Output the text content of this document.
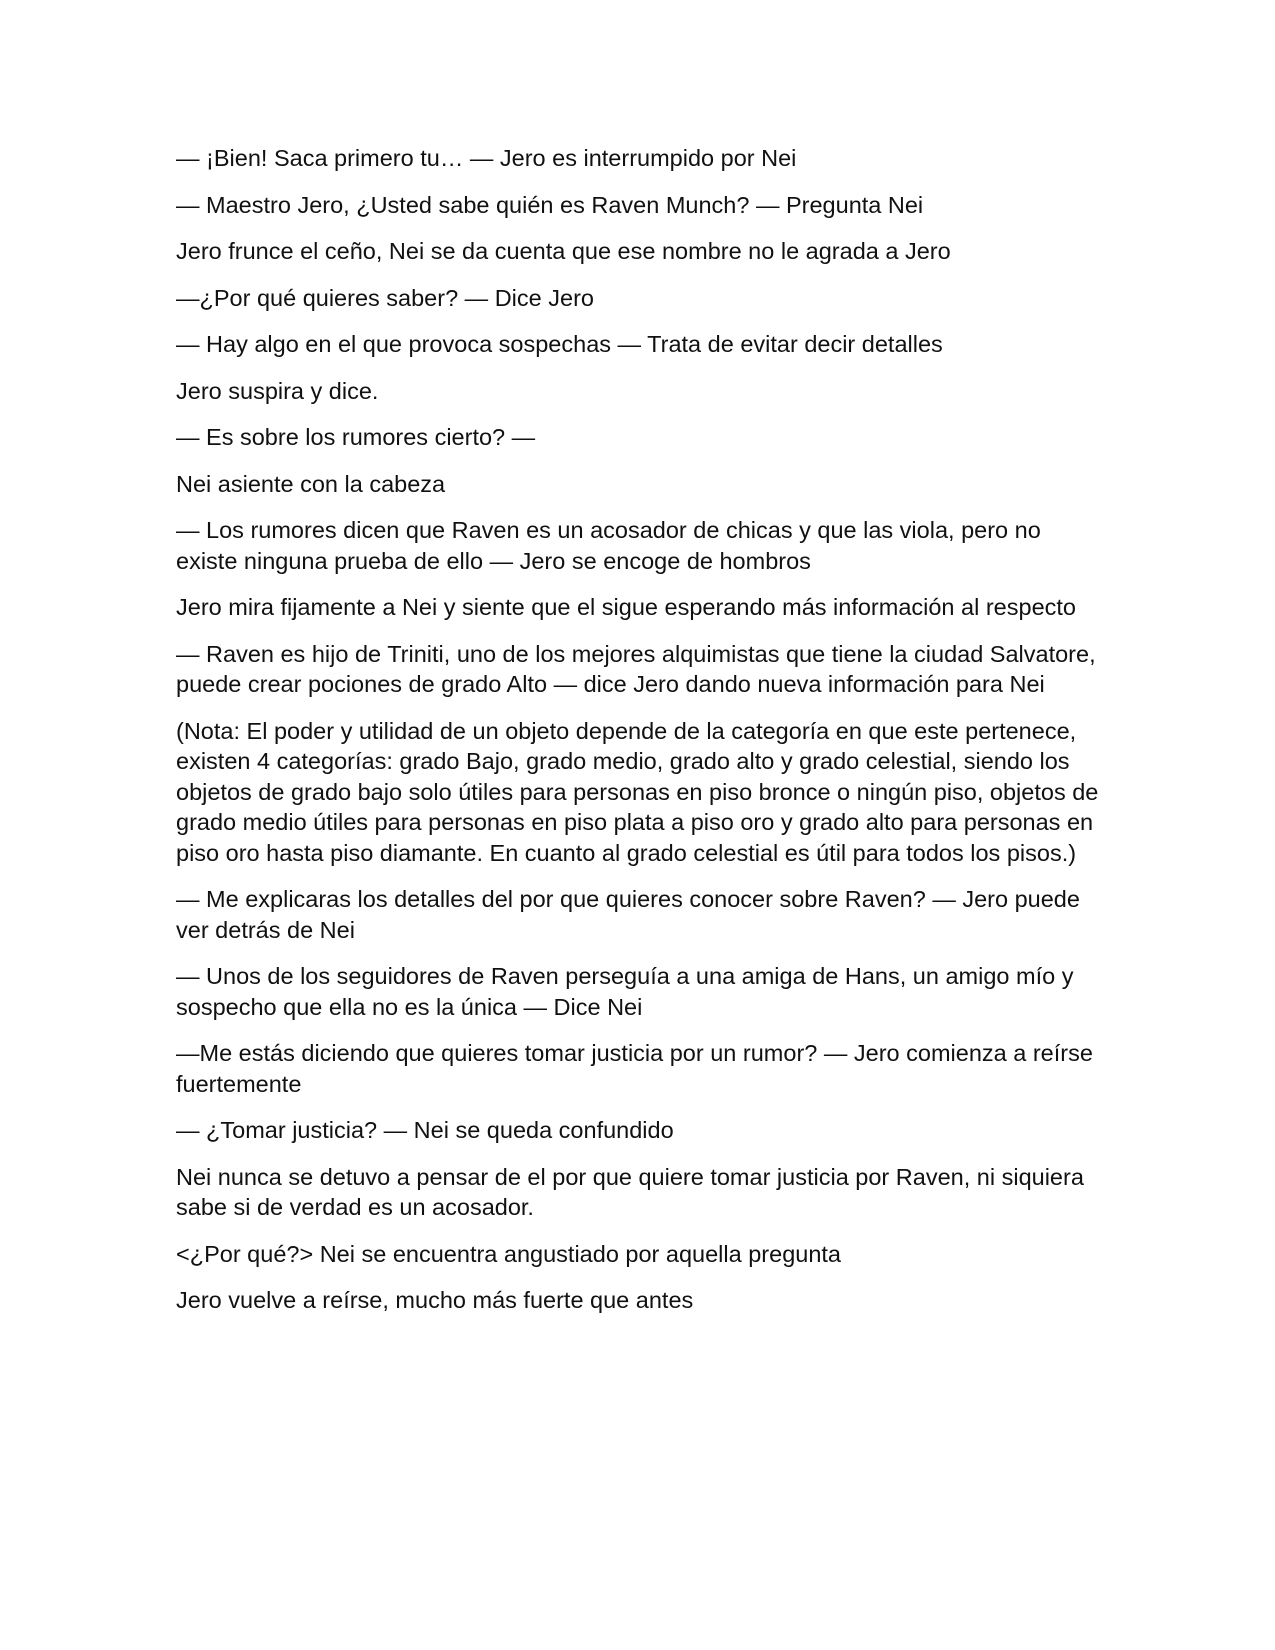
— ¡Bien! Saca primero tu… — Jero es interrumpido por Nei

— Maestro Jero, ¿Usted sabe quién es Raven Munch? — Pregunta Nei

Jero frunce el ceño, Nei se da cuenta que ese nombre no le agrada a Jero

—¿Por qué quieres saber? — Dice Jero

— Hay algo en el que provoca sospechas — Trata de evitar decir detalles

Jero suspira y dice.

— Es sobre los rumores cierto? —

Nei asiente con la cabeza

— Los rumores dicen que Raven es un acosador de chicas y que las viola, pero no existe ninguna prueba de ello — Jero se encoge de hombros

Jero mira fijamente a Nei y siente que el sigue esperando más información al respecto

— Raven es hijo de Triniti, uno de los mejores alquimistas que tiene la ciudad Salvatore, puede crear pociones de grado Alto — dice Jero dando nueva información para Nei

(Nota: El poder y utilidad de un objeto depende de la categoría en que este pertenece, existen 4 categorías: grado Bajo, grado medio, grado alto y grado celestial, siendo los objetos de grado bajo solo útiles para personas en piso bronce o ningún piso, objetos de grado medio útiles para personas en piso plata a piso oro y grado alto para personas en piso oro hasta piso diamante. En cuanto al grado celestial es útil para todos los pisos.)

— Me explicaras los detalles del por que quieres conocer sobre Raven? — Jero puede ver detrás de Nei

— Unos de los seguidores de Raven perseguía a una amiga de Hans, un amigo mío y sospecho que ella no es la única — Dice Nei

—Me estás diciendo que quieres tomar justicia por un rumor? — Jero comienza a reírse fuertemente

— ¿Tomar justicia? — Nei se queda confundido

Nei nunca se detuvo a pensar de el por que quiere tomar justicia por Raven, ni siquiera sabe si de verdad es un acosador.

<¿Por qué?> Nei se encuentra angustiado por aquella pregunta

Jero vuelve a reírse, mucho más fuerte que antes
